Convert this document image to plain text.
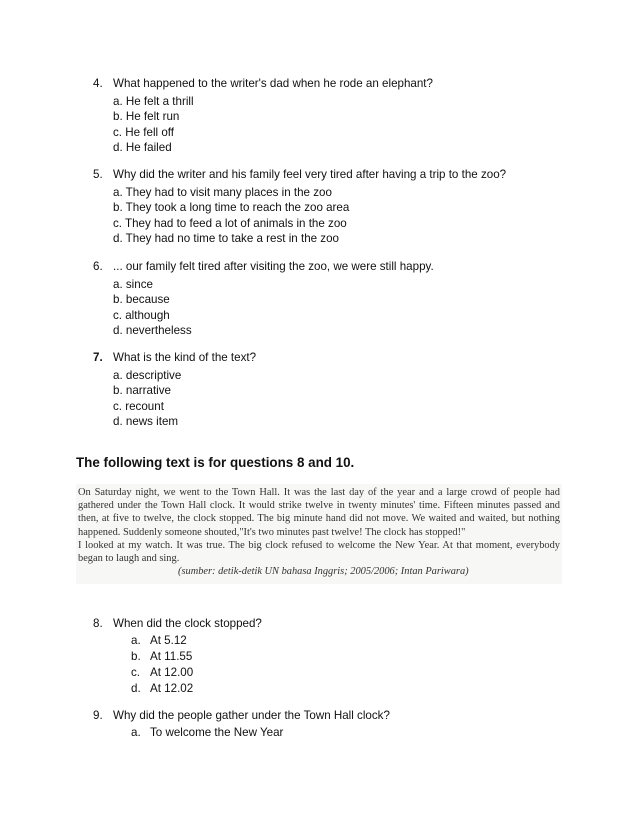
4. What happened to the writer's dad when he rode an elephant?
a. He felt a thrill
b. He felt run
c. He fell off
d. He failed
5. Why did the writer and his family feel very tired after having a trip to the zoo?
a. They had to visit many places in the zoo
b. They took a long time to reach the zoo area
c. They had to feed a lot of animals in the zoo
d. They had no time to take a rest in the zoo
6. ... our family felt tired after visiting the zoo, we were still happy.
a. since
b. because
c. although
d. nevertheless
7. What is the kind of the text?
a. descriptive
b. narrative
c. recount
d. news item
The following text is for questions 8 and 10.

On Saturday night, we went to the Town Hall. It was the last day of the year and a large crowd of people had gathered under the Town Hall clock. It would strike twelve in twenty minutes' time. Fifteen minutes passed and then, at five to twelve, the clock stopped. The big minute hand did not move. We waited and waited, but nothing happened. Suddenly someone shouted,"It's two minutes past twelve! The clock has stopped!"

I looked at my watch. It was true. The big clock refused to welcome the New Year. At that moment, everybody began to laugh and sing.

(sumber: detik-detik UN bahasa Inggris; 2005/2006; Intan Pariwara)

8. When did the clock stopped?
a. At 5.12
b. At 11.55
c. At 12.00
d. At 12.02
9. Why did the people gather under the Town Hall clock?
a. To welcome the New Year
